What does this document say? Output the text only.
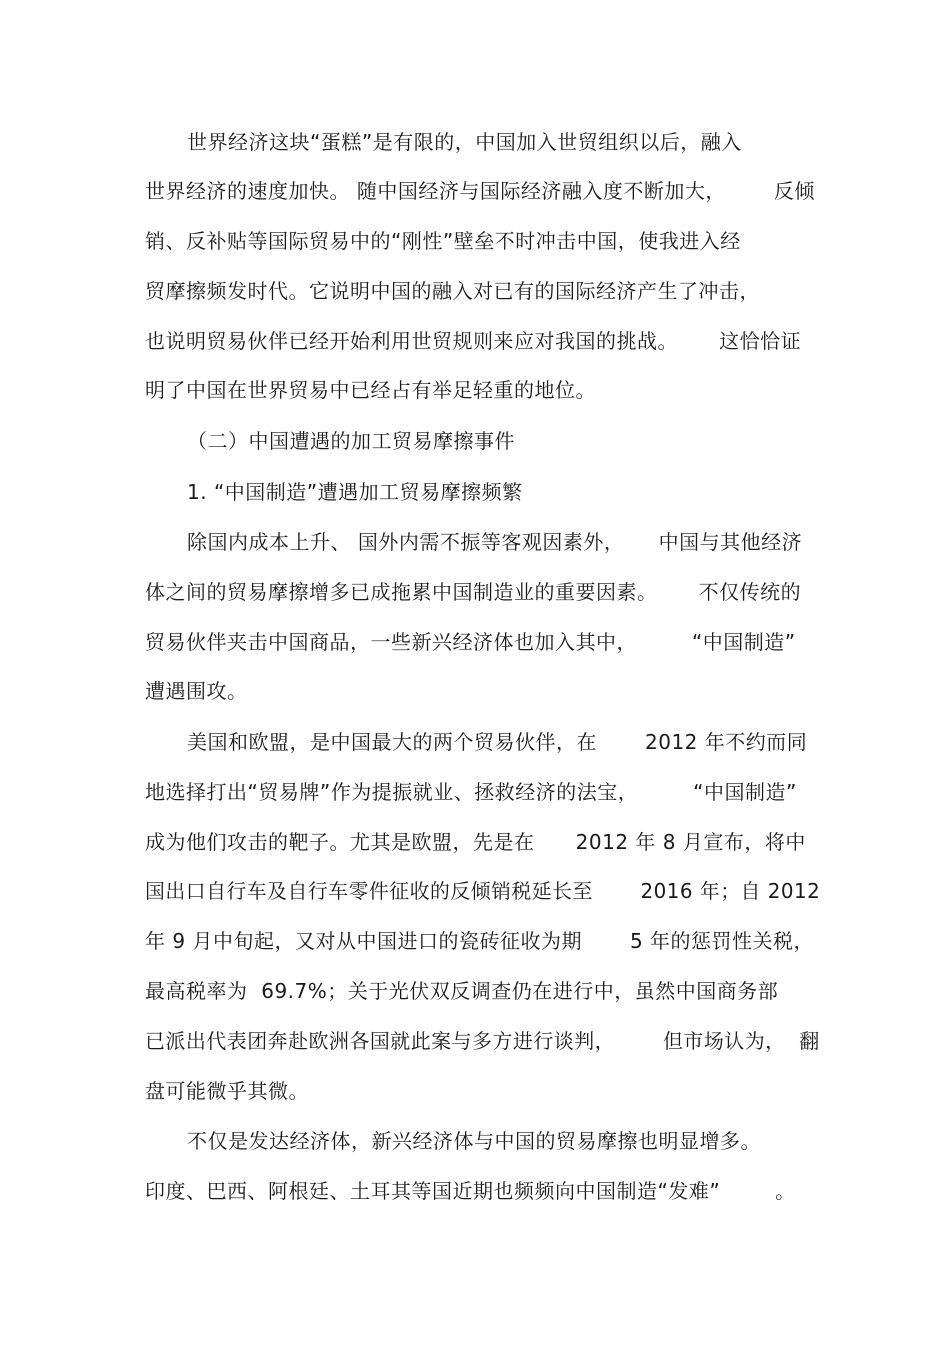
世界经济这块“蛋糕”是有限的，中国加入世贸组织以后，融入
世界经济的速度加快。 随中国经济与国际经济融入度不断加大，       反倾
销、反补贴等国际贸易中的“刚性”壁垒不时冲击中国，使我进入经
贸摩擦频发时代。它说明中国的融入对已有的国际经济产生了冲击，
也说明贸易伙伴已经开始利用世贸规则来应对我国的挑战。      这恰恰证
明了中国在世界贸易中已经占有举足轻重的地位。
（二）中国遭遇的加工贸易摩擦事件
1. “中国制造”遭遇加工贸易摩擦频繁
除国内成本上升、 国外内需不振等客观因素外，     中国与其他经济
体之间的贸易摩擦增多已成拖累中国制造业的重要因素。      不仅传统的
贸易伙伴夹击中国商品，一些新兴经济体也加入其中，        “中国制造”
遭遇围攻。
美国和欧盟，是中国最大的两个贸易伙伴，在       2012 年不约而同
地选择打出“贸易牌”作为提振就业、拯救经济的法宝，        “中国制造”
成为他们攻击的靶子。尤其是欧盟，先是在      2012 年 8 月宣布，将中
国出口自行车及自行车零件征收的反倾销税延长至       2016 年；自 2012
年 9 月中旬起，又对从中国进口的瓷砖征收为期       5 年的惩罚性关税，
最高税率为  69.7%；关于光伏双反调查仍在进行中，虽然中国商务部
已派出代表团奔赴欧洲各国就此案与多方进行谈判，       但市场认为，  翻
盘可能微乎其微。
不仅是发达经济体，新兴经济体与中国的贸易摩擦也明显增多。
印度、巴西、阿根廷、土耳其等国近期也频频向中国制造“发难”        。
